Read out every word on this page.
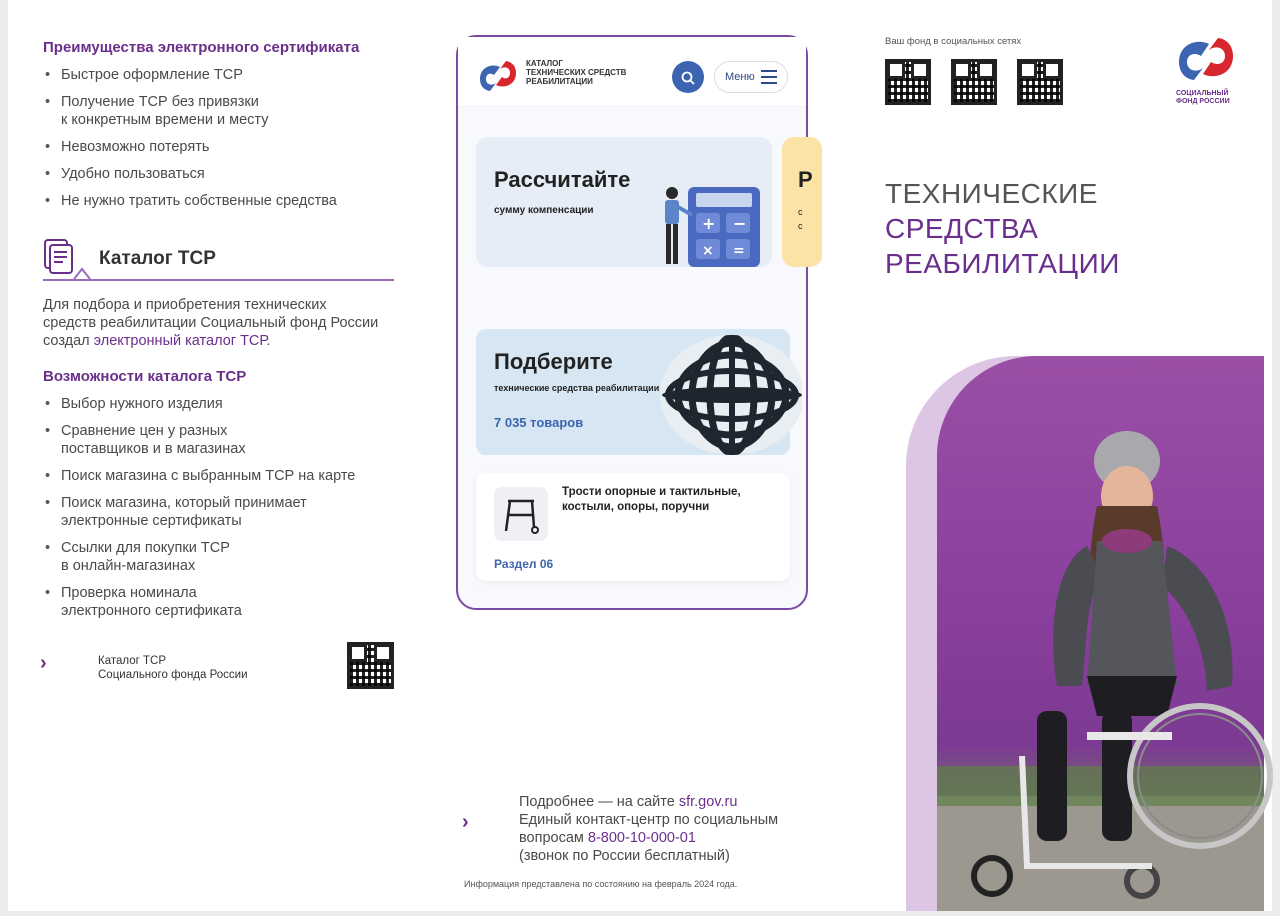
Преимущества электронного сертификата
• Быстрое оформление ТСР
• Получение ТСР без привязки
к конкретным времени и месту
• Невозможно потерять
• Удобно пользоваться
• Не нужно тратить собственные средства
Каталог ТСР
Для подбора и приобретения технических средств реабилитации Социальный фонд России создал электронный каталог ТСР.
Возможности каталога ТСР
• Выбор нужного изделия
• Сравнение цен у разных
поставщиков и в магазинах
• Поиск магазина с выбранным ТСР на карте
• Поиск магазина, который принимает
электронные сертификаты
• Ссылки для покупки ТСР
в онлайн-магазинах
• Проверка номинала
электронного сертификата
›	Каталог ТСР
Социального фонда России
КАТАЛОГ
ТЕХНИЧЕСКИХ СРЕДСТВ
РЕАБИЛИТАЦИИ	Меню
Рассчитайте
сумму компенсации
+ −
× =
Р
с
с
Подберите
технические средства реабилитации
7 035 товаров
Трости опорные и тактильные, костыли, опоры, поручни
Раздел 06
›
Подробнее — на сайте sfr.gov.ru
Единый контакт-центр по социальным
вопросам 8-800-10-000-01
(звонок по России бесплатный)
Информация представлена по состоянию на февраль 2024 года.
Ваш фонд в социальных сетях
СОЦИАЛЬНЫЙ
ФОНД РОССИИ
ТЕХНИЧЕСКИЕ
СРЕДСТВА
РЕАБИЛИТАЦИИ
